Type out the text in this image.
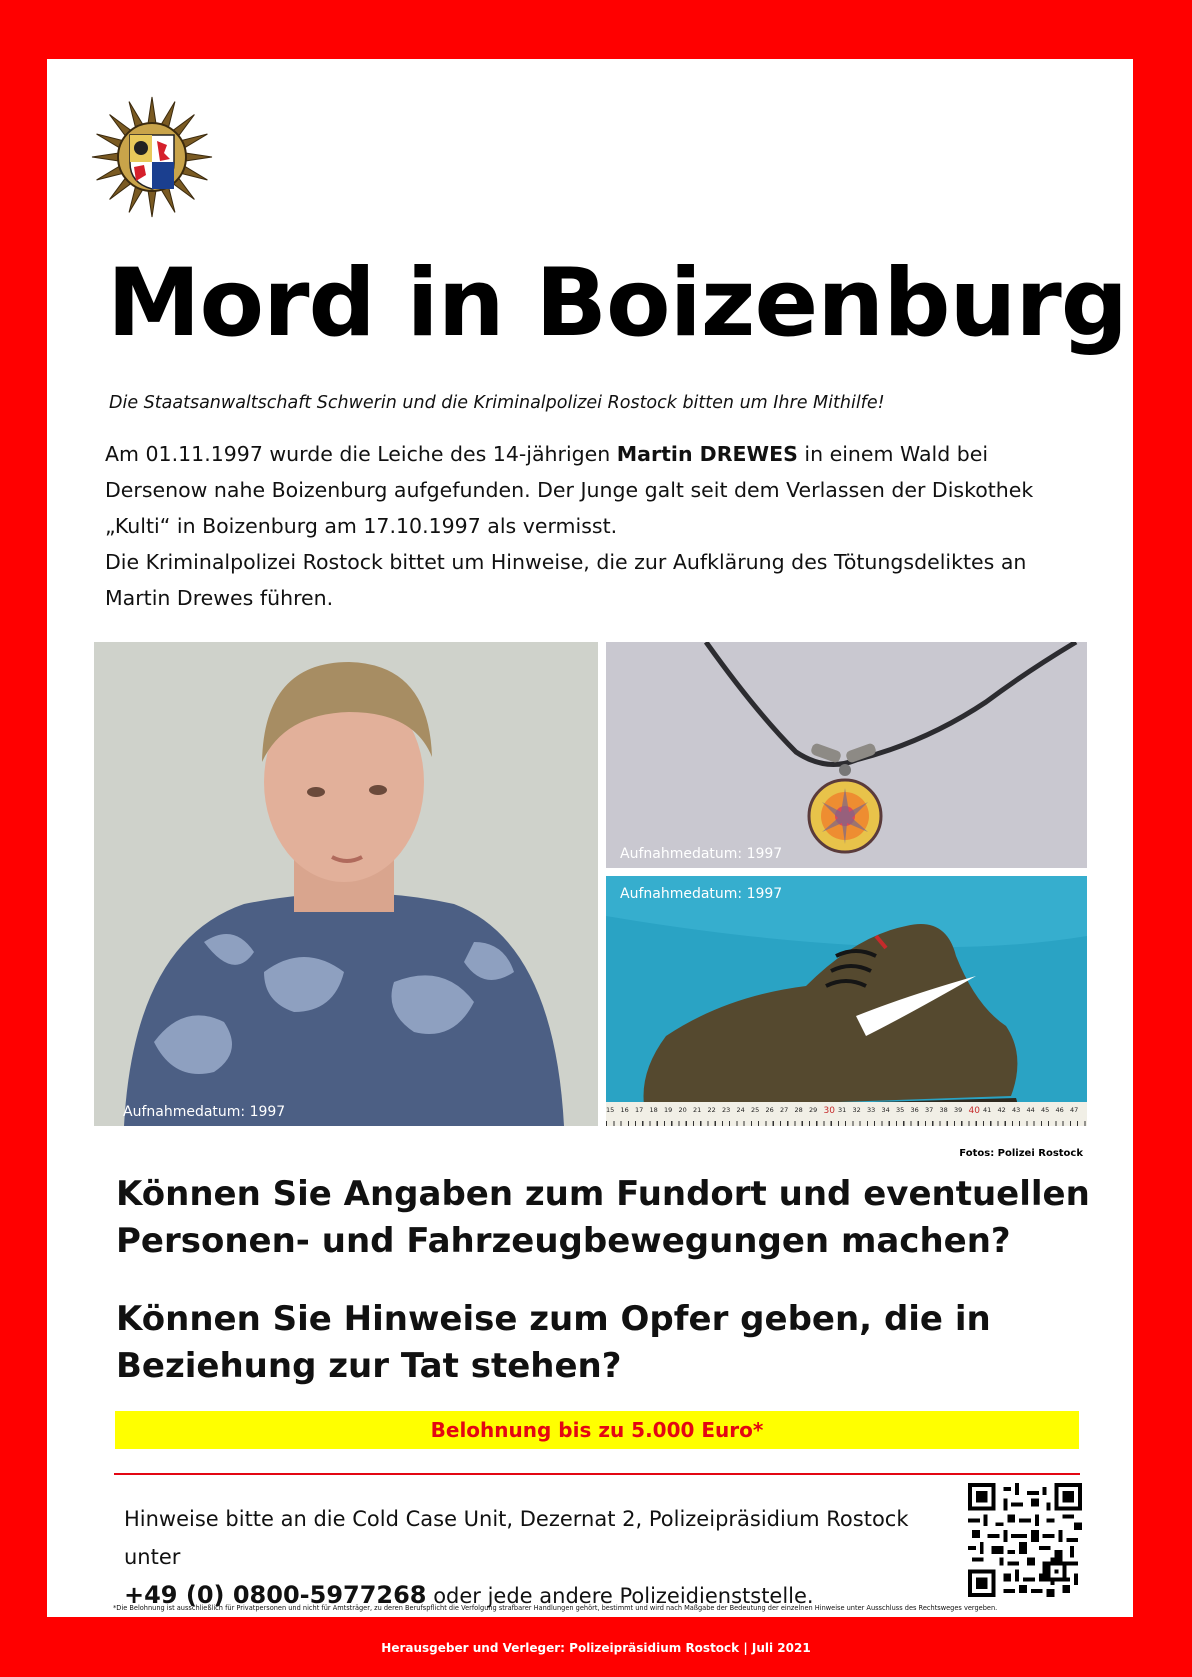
Mord in Boizenburg
Die Staatsanwaltschaft Schwerin und die Kriminalpolizei Rostock bitten um Ihre Mithilfe!

Am 01.11.1997 wurde die Leiche des 14-jährigen Martin DREWES in einem Wald bei

Dersenow nahe Boizenburg aufgefunden. Der Junge galt seit dem Verlassen der Diskothek

„Kulti“ in Boizenburg am 17.10.1997 als vermisst.

Die Kriminalpolizei Rostock bittet um Hinweise, die zur Aufklärung des Tötungsdeliktes an

Martin Drewes führen.

Aufnahmedatum: 1997
Aufnahmedatum: 1997
15 16 17 18 19 20 21 22 23 24 25 26 27 28 29 30 31 32 33 34 35 36 37 38 39 40 41 42 43 44 45 46 47
Aufnahmedatum: 1997
Fotos: Polizei Rostock
Können Sie Angaben zum Fundort und eventuellen
Personen- und Fahrzeugbewegungen machen?
Können Sie Hinweise zum Opfer geben, die in
Beziehung zur Tat stehen?
Belohnung bis zu 5.000 Euro*
Hinweise bitte an die Cold Case Unit, Dezernat 2, Polizeipräsidium Rostock unter
+49 (0) 0800-5977268 oder jede andere Polizeidienststelle.
*Die Belohnung ist ausschließlich für Privatpersonen und nicht für Amtsträger, zu deren Berufspflicht die Verfolgung strafbarer Handlungen gehört, bestimmt und wird nach Maßgabe der Bedeutung der einzelnen Hinweise unter Ausschluss des Rechtsweges vergeben.
Herausgeber und Verleger: Polizeipräsidium Rostock | Juli 2021
